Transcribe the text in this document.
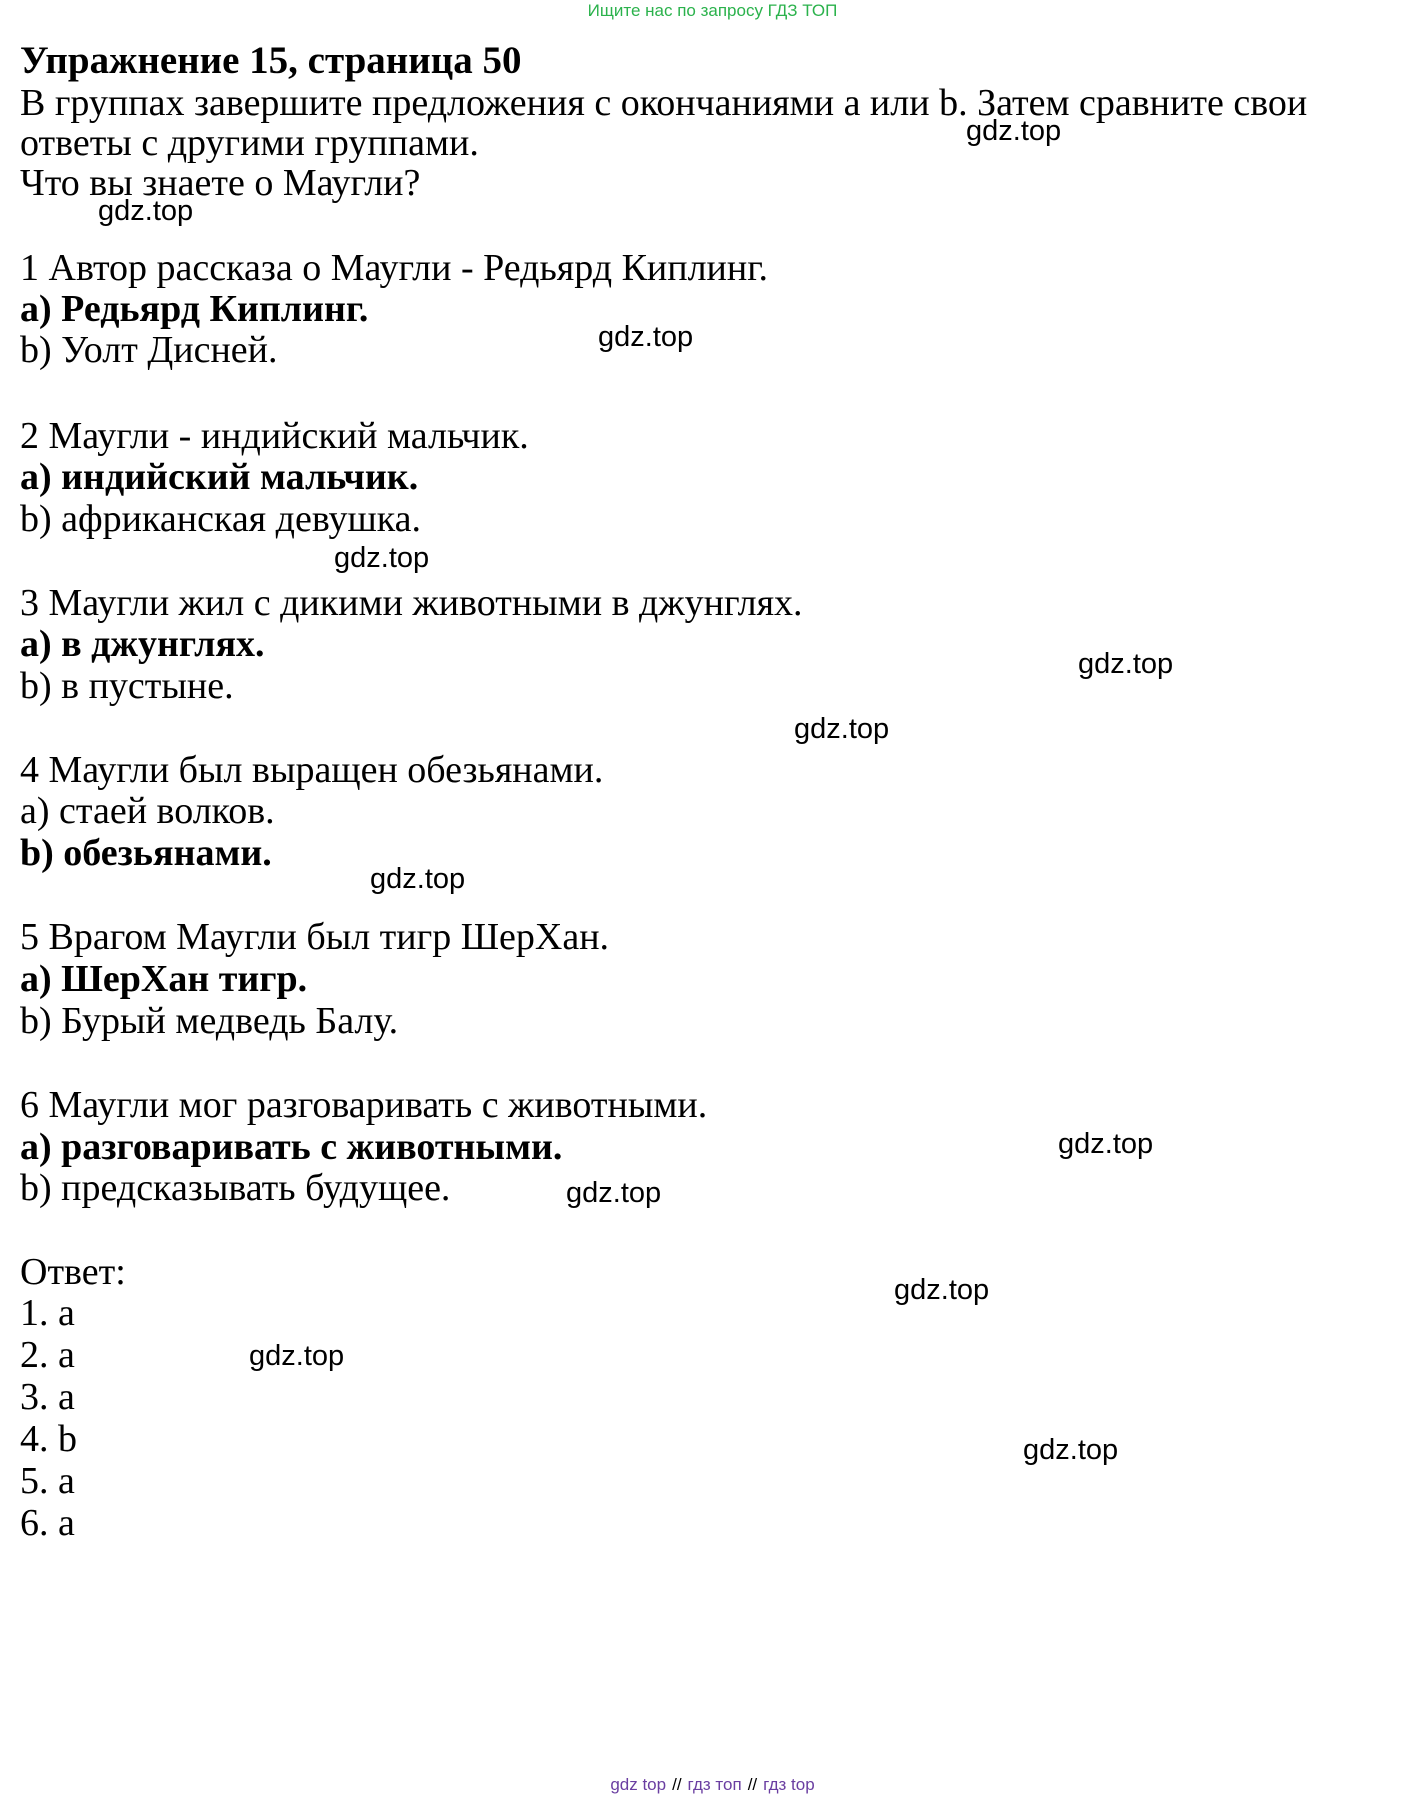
Ищите нас по запросу ГДЗ ТОП
Упражнение 15, страница 50
В группах завершите предложения с окончаниями a или b. Затем сравните свои
ответы с другими группами.
Что вы знаете о Маугли?
1 Автор рассказа о Маугли - Редьярд Киплинг.
a) Редьярд Киплинг.
b) Уолт Дисней.
2 Маугли - индийский мальчик.
a) индийский мальчик.
b) африканская девушка.
3 Маугли жил с дикими животными в джунглях.
a) в джунглях.
b) в пустыне.
4 Маугли был выращен обезьянами.
a) стаей волков.
b) обезьянами.
5 Врагом Маугли был тигр ШерХан.
a) ШерХан тигр.
b) Бурый медведь Балу.
6 Маугли мог разговаривать с животными.
a) разговаривать с животными.
b) предсказывать будущее.
Ответ:
1. a
2. a
3. a
4. b
5. a
6. a
gdz.top
gdz.top
gdz.top
gdz.top
gdz.top
gdz.top
gdz.top
gdz.top
gdz.top
gdz.top
gdz.top
gdz.top
gdz top // гдз топ // гдз top
